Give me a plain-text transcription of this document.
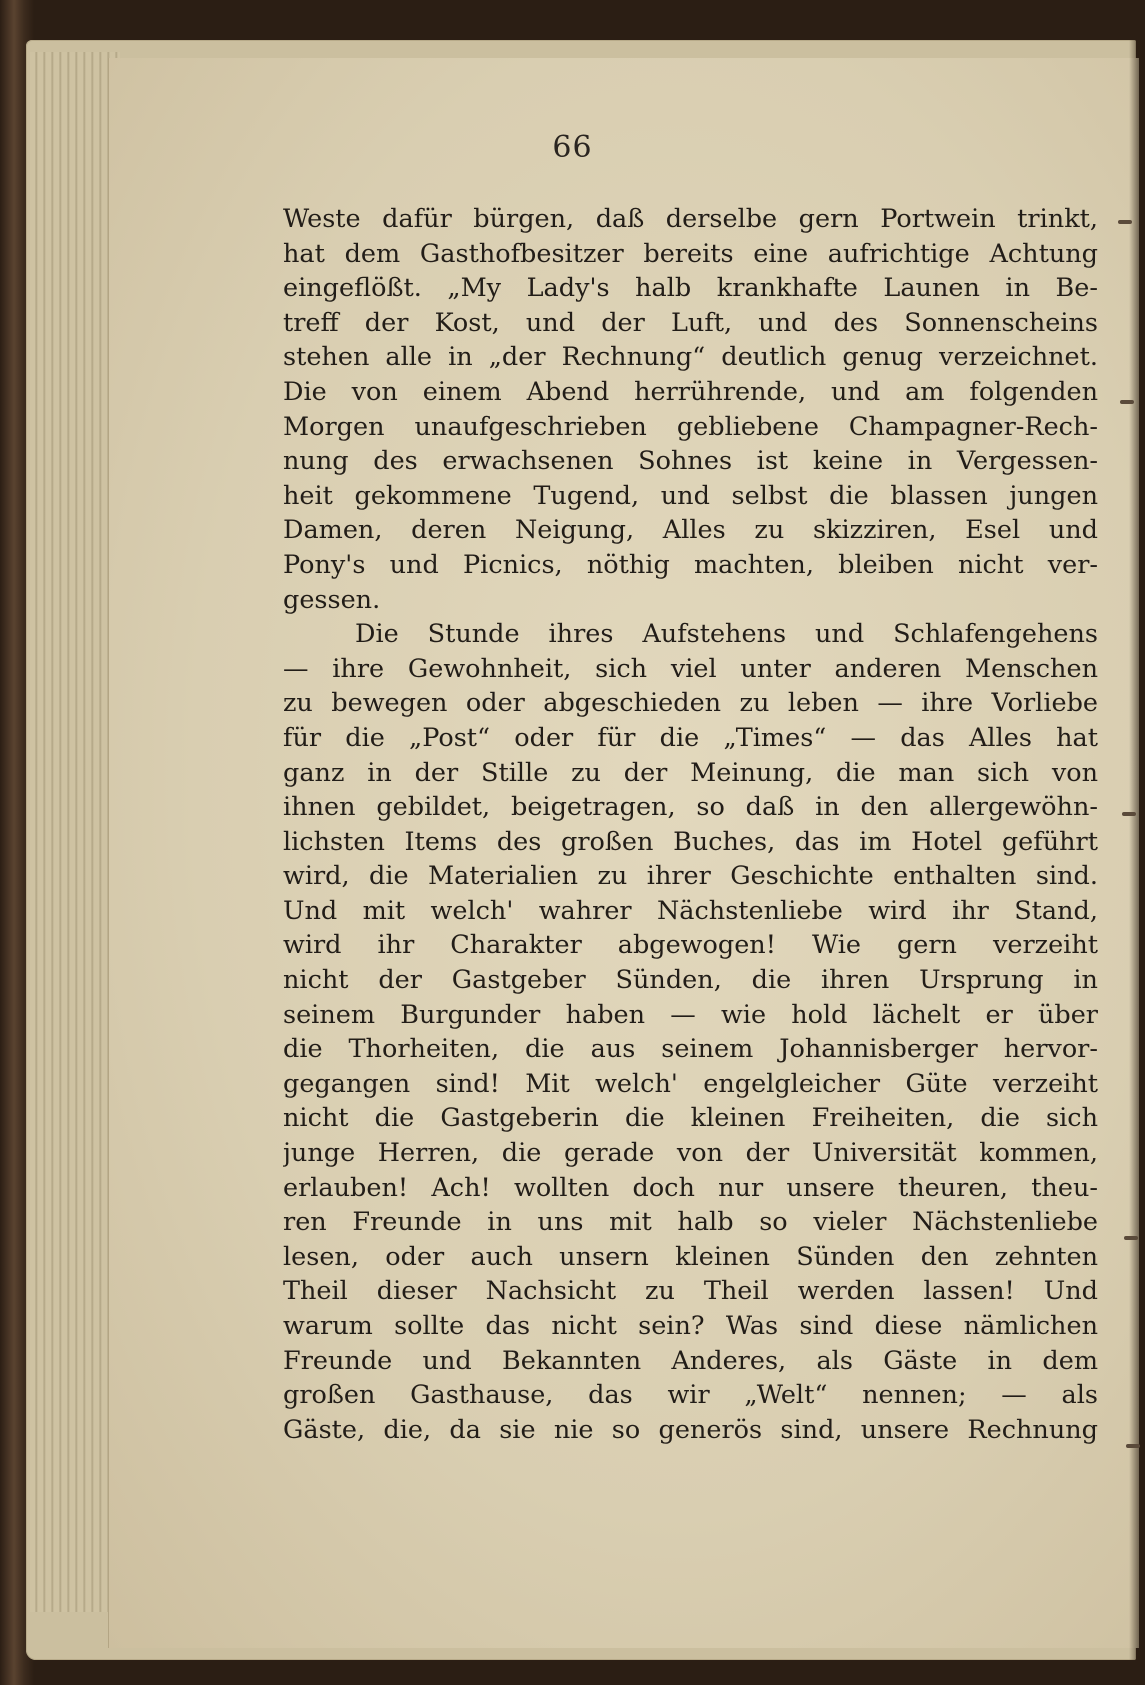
66
Weste dafür bürgen, daß derselbe gern Portwein trinkt,
hat dem Gasthofbesitzer bereits eine aufrichtige Achtung
eingeflößt. „My Lady's halb krankhafte Launen in Be-
treff der Kost, und der Luft, und des Sonnenscheins
stehen alle in „der Rechnung“ deutlich genug verzeichnet.
Die von einem Abend herrührende, und am folgenden
Morgen unaufgeschrieben gebliebene Champagner-Rech-
nung des erwachsenen Sohnes ist keine in Vergessen-
heit gekommene Tugend, und selbst die blassen jungen
Damen, deren Neigung, Alles zu skizziren, Esel und
Pony's und Picnics, nöthig machten, bleiben nicht ver-
gessen.
Die Stunde ihres Aufstehens und Schlafengehens
— ihre Gewohnheit, sich viel unter anderen Menschen
zu bewegen oder abgeschieden zu leben — ihre Vorliebe
für die „Post“ oder für die „Times“ — das Alles hat
ganz in der Stille zu der Meinung, die man sich von
ihnen gebildet, beigetragen, so daß in den allergewöhn-
lichsten Items des großen Buches, das im Hotel geführt
wird, die Materialien zu ihrer Geschichte enthalten sind.
Und mit welch' wahrer Nächstenliebe wird ihr Stand,
wird ihr Charakter abgewogen! Wie gern verzeiht
nicht der Gastgeber Sünden, die ihren Ursprung in
seinem Burgunder haben — wie hold lächelt er über
die Thorheiten, die aus seinem Johannisberger hervor-
gegangen sind! Mit welch' engelgleicher Güte verzeiht
nicht die Gastgeberin die kleinen Freiheiten, die sich
junge Herren, die gerade von der Universität kommen,
erlauben! Ach! wollten doch nur unsere theuren, theu-
ren Freunde in uns mit halb so vieler Nächstenliebe
lesen, oder auch unsern kleinen Sünden den zehnten
Theil dieser Nachsicht zu Theil werden lassen! Und
warum sollte das nicht sein? Was sind diese nämlichen
Freunde und Bekannten Anderes, als Gäste in dem
großen Gasthause, das wir „Welt“ nennen; — als
Gäste, die, da sie nie so generös sind, unsere Rechnung
